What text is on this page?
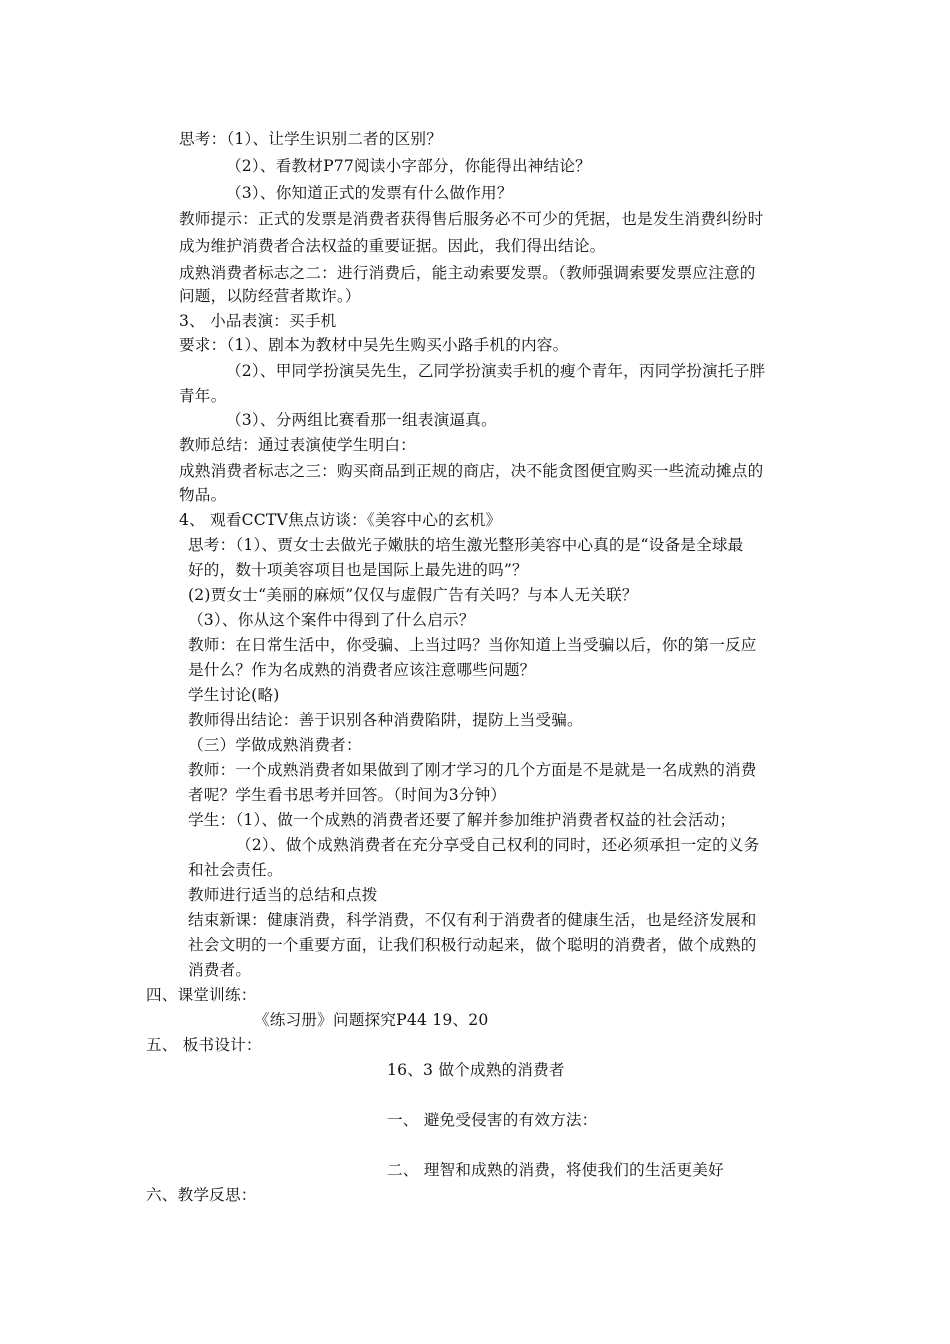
思考：（1）、让学生识别二者的区别？
（2）、看教材P77阅读小字部分，你能得出神结论？
（3）、你知道正式的发票有什么做作用？
教师提示：正式的发票是消费者获得售后服务必不可少的凭据，也是发生消费纠纷时
成为维护消费者合法权益的重要证据。因此，我们得出结论。
成熟消费者标志之二：进行消费后，能主动索要发票。（教师强调索要发票应注意的
问题，以防经营者欺诈。）
3、 小品表演：买手机
要求：（1）、剧本为教材中吴先生购买小路手机的内容。
（2）、甲同学扮演吴先生，乙同学扮演卖手机的瘦个青年，丙同学扮演托子胖
青年。
（3）、分两组比赛看那一组表演逼真。
教师总结：通过表演使学生明白：
成熟消费者标志之三：购买商品到正规的商店，决不能贪图便宜购买一些流动摊点的
物品。
4、 观看CCTV焦点访谈：《美容中心的玄机》
思考：（1）、贾女士去做光子嫩肤的培生激光整形美容中心真的是“设备是全球最
好的，数十项美容项目也是国际上最先进的吗”？
(2)贾女士“美丽的麻烦”仅仅与虚假广告有关吗？与本人无关联？
（3）、你从这个案件中得到了什么启示？
教师：在日常生活中，你受骗、上当过吗？当你知道上当受骗以后，你的第一反应
是什么？作为名成熟的消费者应该注意哪些问题？
学生讨论(略)
教师得出结论：善于识别各种消费陷阱，提防上当受骗。
（三）学做成熟消费者：
教师：一个成熟消费者如果做到了刚才学习的几个方面是不是就是一名成熟的消费
者呢？学生看书思考并回答。（时间为3分钟）
学生：（1）、做一个成熟的消费者还要了解并参加维护消费者权益的社会活动；
（2）、做个成熟消费者在充分享受自己权利的同时，还必须承担一定的义务
和社会责任。
教师进行适当的总结和点拨
结束新课：健康消费，科学消费，不仅有利于消费者的健康生活，也是经济发展和
社会文明的一个重要方面，让我们积极行动起来，做个聪明的消费者，做个成熟的
消费者。
四、课堂训练：
《练习册》问题探究P44 19、20
五、 板书设计：
16、3 做个成熟的消费者
一、 避免受侵害的有效方法：
二、 理智和成熟的消费，将使我们的生活更美好
六、教学反思：
